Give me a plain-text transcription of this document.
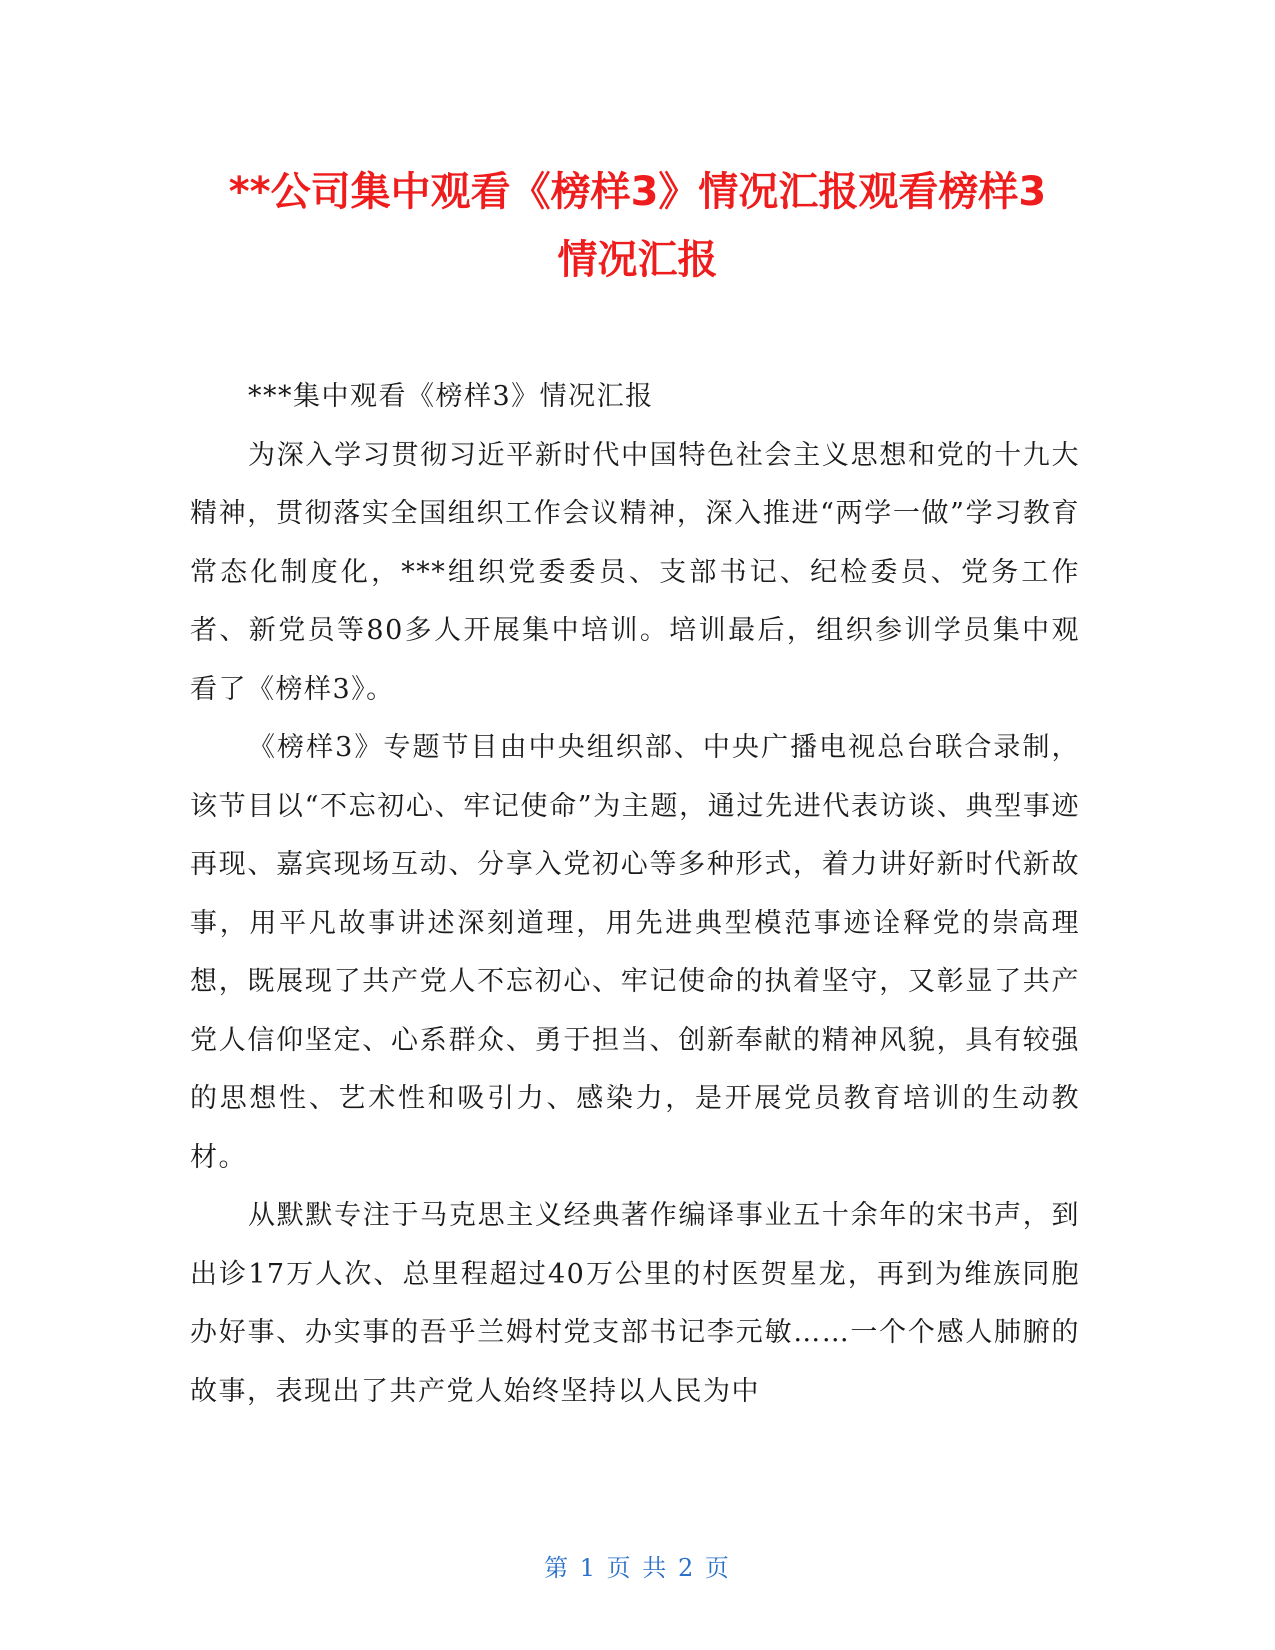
**公司集中观看《榜样3》情况汇报观看榜样3
情况汇报

***集中观看《榜样3》情况汇报

为深入学习贯彻习近平新时代中国特色社会主义思想和党的十九大精神，贯彻落实全国组织工作会议精神，深入推进“两学一做”学习教育常态化制度化，***组织党委委员、支部书记、纪检委员、党务工作者、新党员等80多人开展集中培训。培训最后，组织参训学员集中观看了《榜样3》。

《榜样3》专题节目由中央组织部、中央广播电视总台联合录制，该节目以“不忘初心、牢记使命”为主题，通过先进代表访谈、典型事迹再现、嘉宾现场互动、分享入党初心等多种形式，着力讲好新时代新故事，用平凡故事讲述深刻道理，用先进典型模范事迹诠释党的崇高理想，既展现了共产党人不忘初心、牢记使命的执着坚守，又彰显了共产党人信仰坚定、心系群众、勇于担当、创新奉献的精神风貌，具有较强的思想性、艺术性和吸引力、感染力，是开展党员教育培训的生动教材。

从默默专注于马克思主义经典著作编译事业五十余年的宋书声，到出诊17万人次、总里程超过40万公里的村医贺星龙，再到为维族同胞办好事、办实事的吾乎兰姆村党支部书记李元敏……一个个感人肺腑的故事，表现出了共产党人始终坚持以人民为中

第 1 页 共 2 页
